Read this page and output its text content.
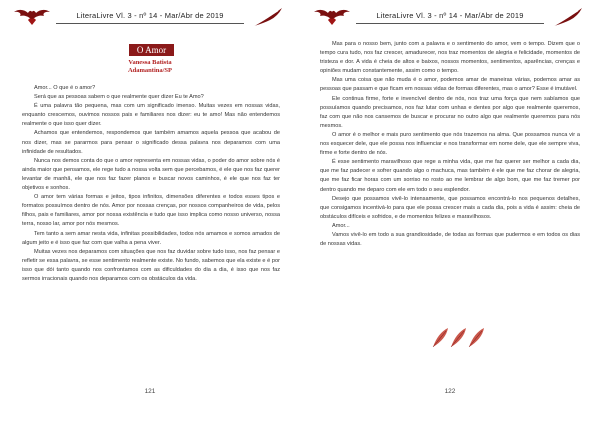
LiteraLivre Vl. 3 - nº 14 - Mar/Abr de 2019
O Amor
Vanessa Batista
Adamantina/SP

Amor... O que é o amor?

Será que as pessoas sabem o que realmente quer dizer Eu te Amo?

É uma palavra tão pequena, mas com um significado imenso. Muitas vezes em nossas vidas, enquanto crescemos, ouvimos nossos pais e familiares nos dizer: eu te amo! Mas não entendemos realmente o que isso quer dizer.

Achamos que entendemos, respondemos que também amamos aquela pessoa que acabou de nos dizer, mas se pararmos para pensar o significado dessa palavra nos deparamos com uma infinidade de resultados.

Nunca nos demos conta do que o amor representa em nossas vidas, o poder do amor sobre nós é ainda maior que pensamos, ele rege tudo a nossa volta sem que percebamos, é ele que nos faz querer levantar de manhã, ele que nos faz fazer planos e buscar novos caminhos, é ele que nos faz ter objetivos e sonhos.

O amor tem várias formas e jeitos, tipos infinitos, dimensões diferentes e todos esses tipos e formatos possuímos dentro de nós. Amor por nossas crenças, por nossos companheiros de vida, pelos filhos, pais e familiares, amor por nossa existência e tudo que isso implica como nosso universo, nossa terra, nosso lar, amor por nós mesmos.

Tem tanto a sem amar nesta vida, infinitas possibilidades, todos nós amamos e somos amados de algum jeito e é isso que faz com que valha a pena viver.

Muitas vezes nos deparamos com situações que nos faz duvidar sobre tudo isso, nos faz pensar e refletir se essa palavra, se esse sentimento realmente existe. No fundo, sabemos que ela existe e é por isso que dói tanto quando nos confrontamos com as dificuldades do dia a dia, é isso que nos faz sermos irracionais quando nos deparamos com os obstáculos da vida.

121
LiteraLivre Vl. 3 - nº 14 - Mar/Abr de 2019

Mas para o nosso bem, junto com a palavra e o sentimento do amor, vem o tempo. Dizem que o tempo cura tudo, nos faz crescer, amadurecer, nos traz momentos de alegria e felicidade, momentos de tristeza e dor. A vida é cheia de altos e baixos, nossos momentos, sentimentos, aparências, crenças e opiniões mudam constantemente, assim como o tempo.

Mas uma coisa que não muda é o amor, podemos amar de maneiras várias, podemos amar as pessoas que passam e que ficam em nossas vidas de formas diferentes, mas o amor? Esse é imutável.

Ele continua firme, forte e invencível dentro de nós, nos traz uma força que nem sabíamos que possuíamos quando precisamos, nos faz lutar com unhas e dentes por algo que realmente queremos, faz com que não nos cansemos de buscar e procurar no outro algo que realmente queremos para nós mesmos.

O amor é o melhor e mais puro sentimento que nós trazemos na alma. Que possamos nunca vir a nos esquecer dele, que ele possa nos influenciar e nos transformar em nome dele, que ele sempre viva, firme e forte dentro de nós.

É esse sentimento maravilhoso que rege a minha vida, que me faz querer ser melhor a cada dia, que me faz padecer e sofrer quando algo o machuca, mas também é ele que me faz chorar de alegria, que me faz ficar horas com um sorriso no rosto ao me lembrar de algo bom, que me faz tremer por dentro quando me deparo com ele em todo o seu esplendor.

Desejo que possamos vivê-lo intensamente, que possamos encontrá-lo nos pequenos detalhes, que consigamos incentivá-lo para que ele possa crescer mais a cada dia, pois a vida é assim: cheia de obstáculos difíceis e sofridos, e de momentos felizes e maravilhosos.

Amor...

Vamos vivê-lo em todo a sua grandiosidade, de todas as formas que pudermos e em todos os dias de nossas vidas.

122
